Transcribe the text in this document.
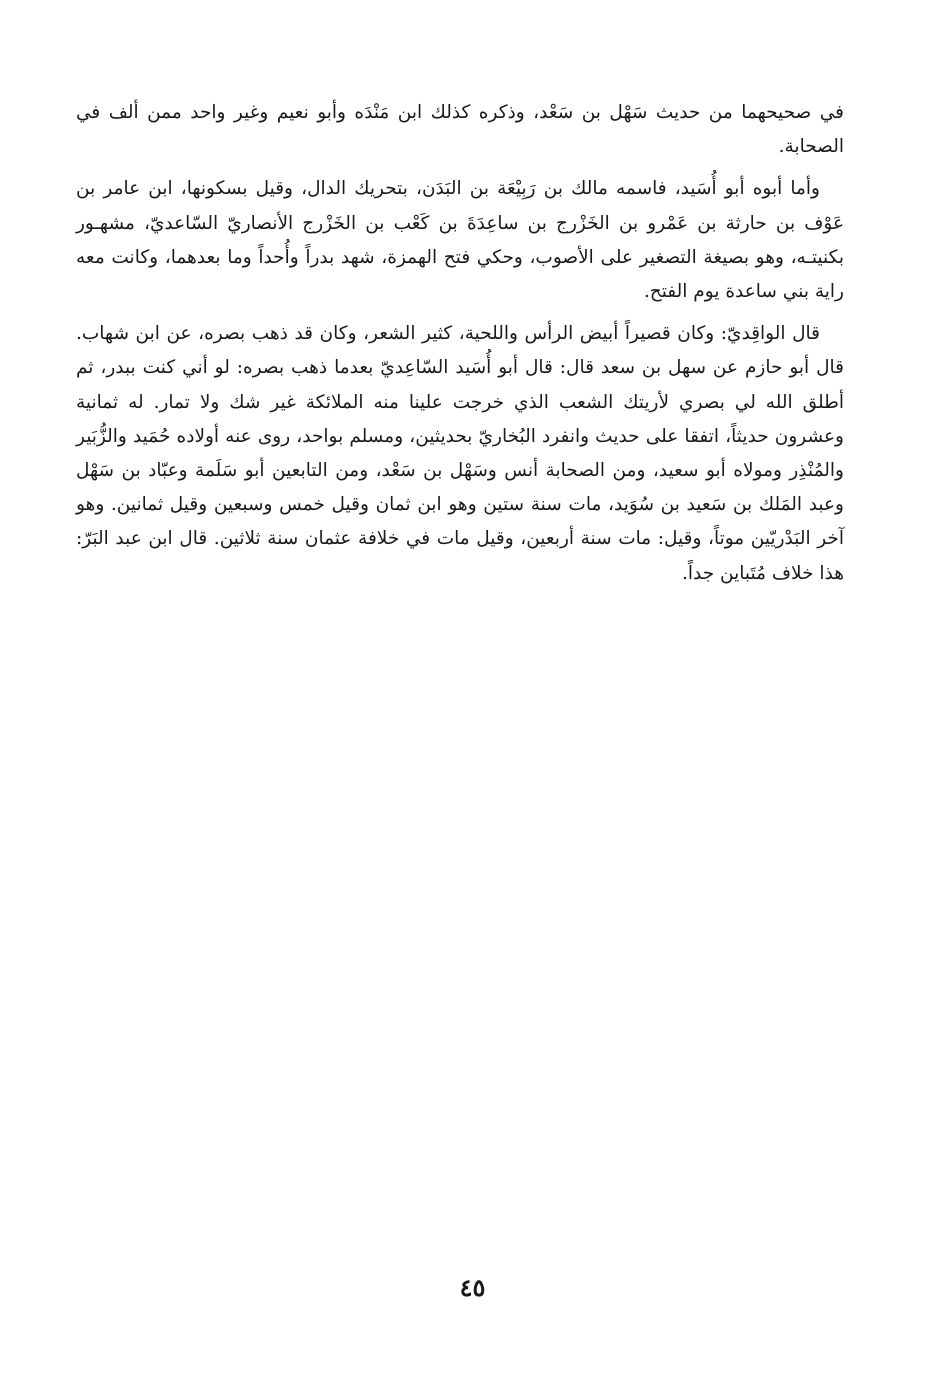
في صحيحهما من حديث سَهْل بن سَعْد، وذكره كذلك ابن مَنْدَه وأبو نعيم وغير واحد ممن ألف في الصحابة.

وأما أبوه أبو أُسَيد، فاسمه مالك بن رَبِيْعَة بن البَدَن، بتحريك الدال، وقيل بسكونها، ابن عامر بن عَوْف بن حارثة بن عَمْرو بن الخَزْرج بن ساعِدَةَ بن كَعْب بن الخَزْرج الأنصاريّ السّاعديّ، مشهـور بكنيتـه، وهو بصيغة التصغير على الأصوب، وحكي فتح الهمزة، شهد بدراً وأُحداً وما بعدهما، وكانت معه راية بني ساعدة يوم الفتح.

قال الواقِديّ: وكان قصيراً أبيض الرأس واللحية، كثير الشعر، وكان قد ذهب بصره، عن ابن شهاب. قال أبو حازم عن سهل بن سعد قال: قال أبو أُسَيد السّاعِديّ بعدما ذهب بصره: لو أني كنت ببدر، ثم أطلق الله لي بصري لأريتك الشعب الذي خرجت علينا منه الملائكة غير شك ولا تمار. له ثمانية وعشرون حديثاً، اتفقا على حديث وانفرد البُخاريّ بحديثين، ومسلم بواحد، روى عنه أولاده حُمَيد والزُّبَير والمُنْذِر ومولاه أبو سعيد، ومن الصحابة أنس وسَهْل بن سَعْد، ومن التابعين أبو سَلَمة وعبّاد بن سَهْل وعبد المَلك بن سَعيد بن سُوَيد، مات سنة ستين وهو ابن ثمان وقيل خمس وسبعين وقيل ثمانين. وهو آخر البَدْريّين موتاً، وقيل: مات سنة أربعين، وقيل مات في خلافة عثمان سنة ثلاثين. قال ابن عبد البَرّ: هذا خلاف مُتَباين جداً.

٤٥
